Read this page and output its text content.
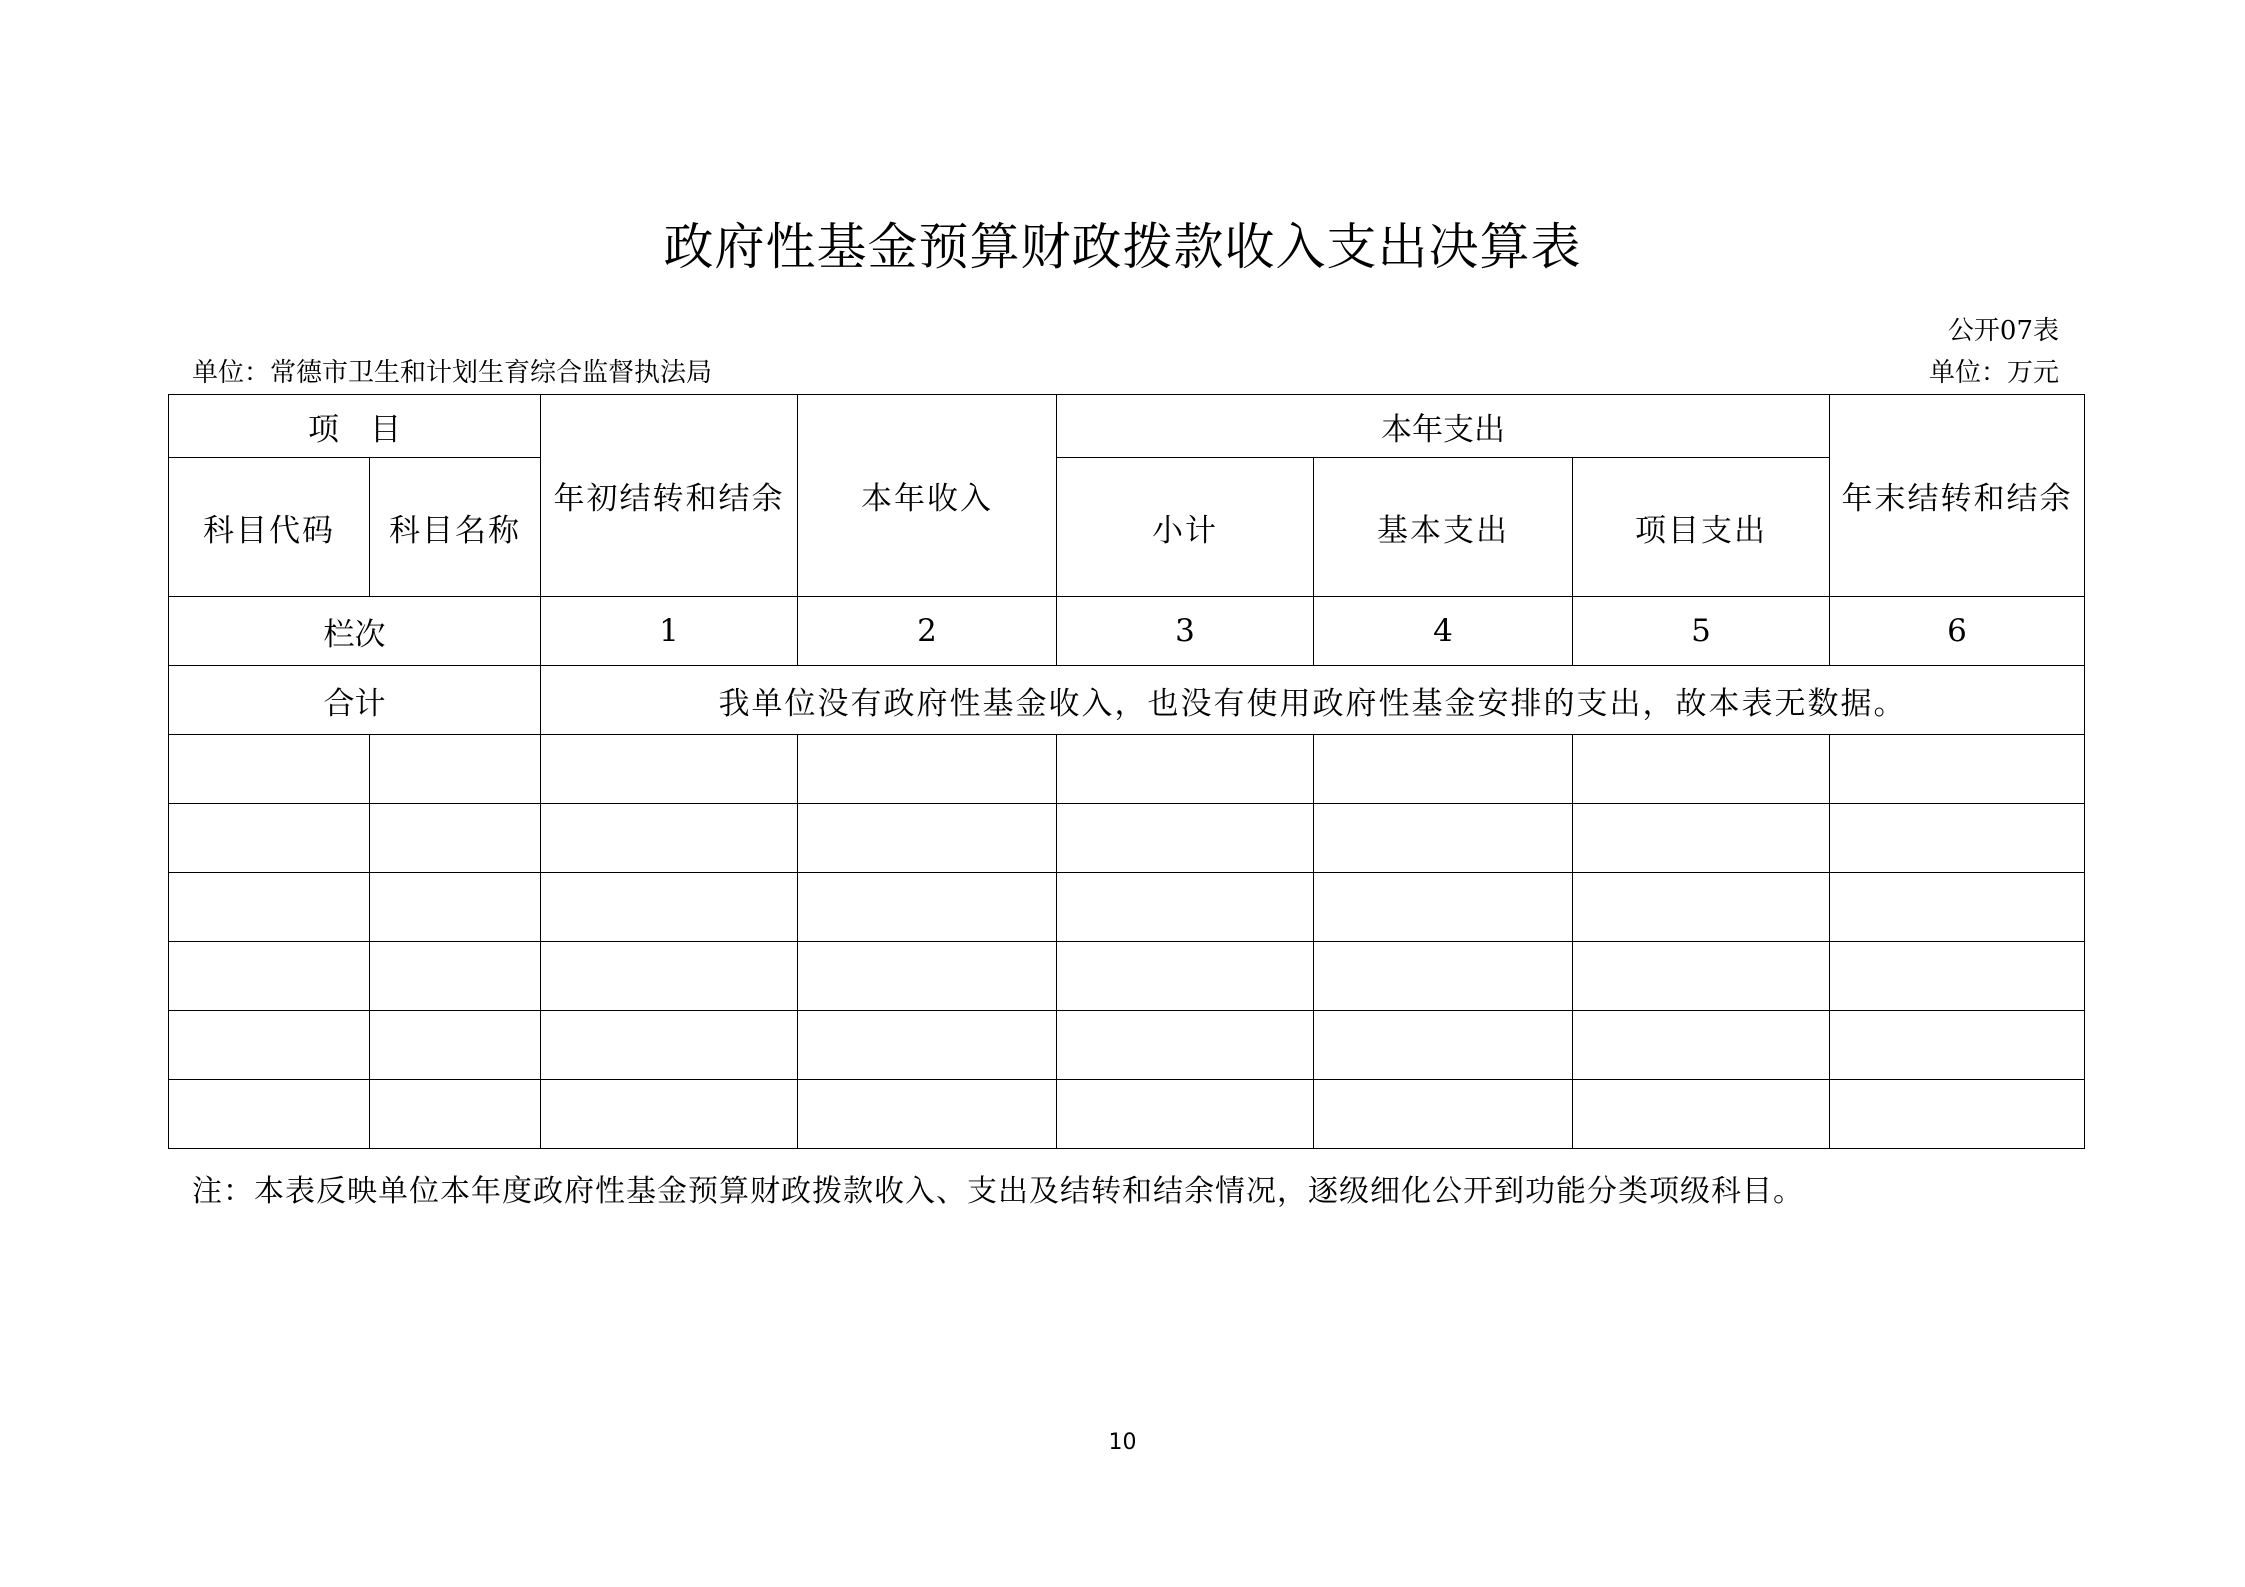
政府性基金预算财政拨款收入支出决算表
公开07表
单位：常德市卫生和计划生育综合监督执法局	单位：万元
项　目		年初结转和结余	本年收入	本年支出			年末结转和结余
科目代码	科目名称			小计	基本支出	项目支出	
栏次		1	2	3	4	5	6
合计		我单位没有政府性基金收入，也没有使用政府性基金安排的支出，故本表无数据。					

注：本表反映单位本年度政府性基金预算财政拨款收入、支出及结转和结余情况，逐级细化公开到功能分类项级科目。
10
